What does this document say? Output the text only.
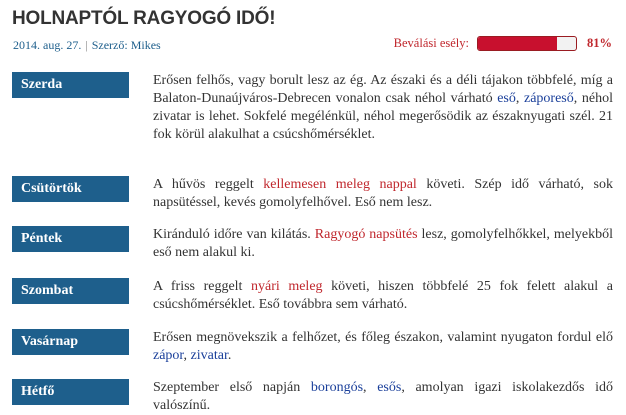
HOLNAPTÓL RAGYOGÓ IDŐ!
2014. aug. 27. | Szerző: Mikes	Beválási esély:	81%
Szerda	Erősen felhős, vagy borult lesz az ég. Az északi és a déli tájakon többfelé, míg a Balaton-Dunaújváros-Debrecen vonalon csak néhol várható eső, záporeső, néhol zivatar is lehet. Sokfelé megélénkül, néhol megerősödik az északnyugati szél. 21 fok körül alakulhat a csúcshőmérséklet.

Csütörtök	A hűvös reggelt kellemesen meleg nappal követi. Szép idő várható, sok napsütéssel, kevés gomolyfelhővel. Eső nem lesz.

Péntek	Kiránduló időre van kilátás. Ragyogó napsütés lesz, gomolyfelhőkkel, melyekből eső nem alakul ki.

Szombat	A friss reggelt nyári meleg követi, hiszen többfelé 25 fok felett alakul a csúcshőmérséklet. Eső továbbra sem várható.

Vasárnap	Erősen megnövekszik a felhőzet, és főleg északon, valamint nyugaton fordul elő zápor, zivatar.

Hétfő	Szeptember első napján borongós, esős, amolyan igazi iskolakezdős idő valószínű.
